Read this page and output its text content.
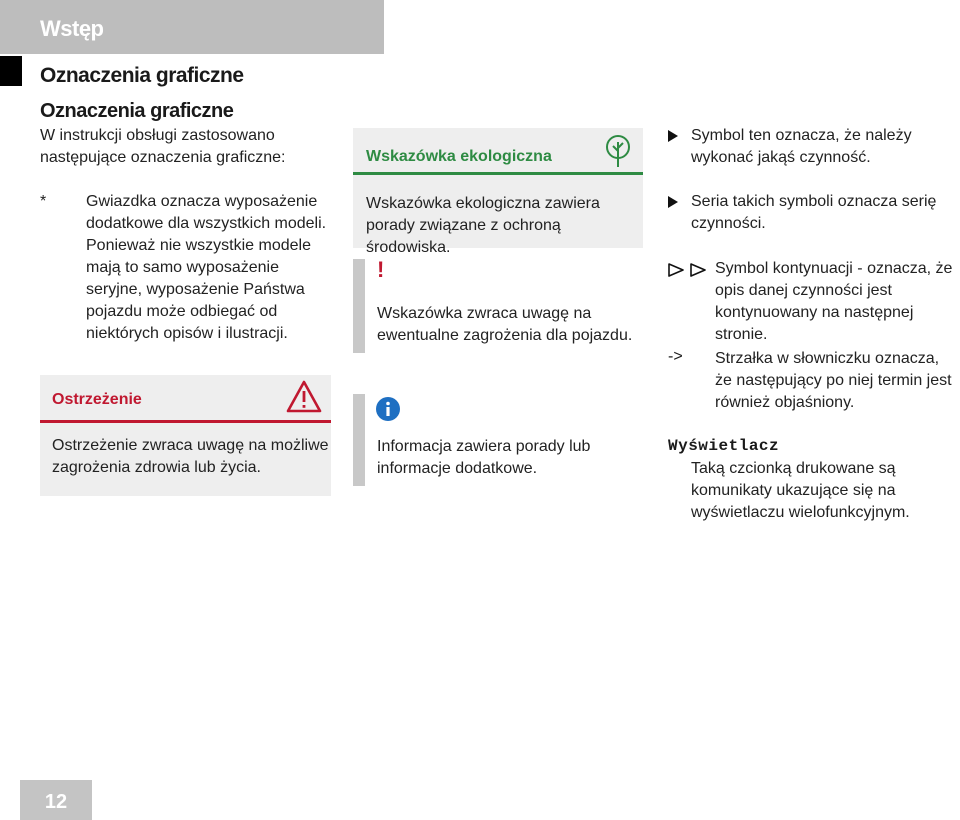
Wstęp
Oznaczenia graficzne
Oznaczenia graficzne
W instrukcji obsługi zastosowano następujące oznaczenia graficzne:
*	Gwiazdka oznacza wyposażenie dodatkowe dla wszystkich modeli. Ponieważ nie wszystkie modele mają to samo wyposażenie seryjne, wyposażenie Państwa pojazdu może odbiegać od niektórych opisów i ilustracji.
Ostrzeżenie
Ostrzeżenie zwraca uwagę na możliwe zagrożenia zdrowia lub życia.
Wskazówka ekologiczna
Wskazówka ekologiczna zawiera porady związane z ochroną środowiska.
!
Wskazówka zwraca uwagę na ewentualne zagrożenia dla pojazdu.
Informacja zawiera porady lub informacje dodatkowe.
Symbol ten oznacza, że należy wykonać jakąś czynność.
Seria takich symboli oznacza serię czynności.
Symbol kontynuacji - oznacza, że opis danej czynności jest kontynuowany na następnej stronie.
-> Strzałka w słowniczku oznacza, że następujący po niej termin jest również objaśniony.
Wyświetlacz
Taką czcionką drukowane są komunikaty ukazujące się na wyświetlaczu wielofunkcyjnym.
12
